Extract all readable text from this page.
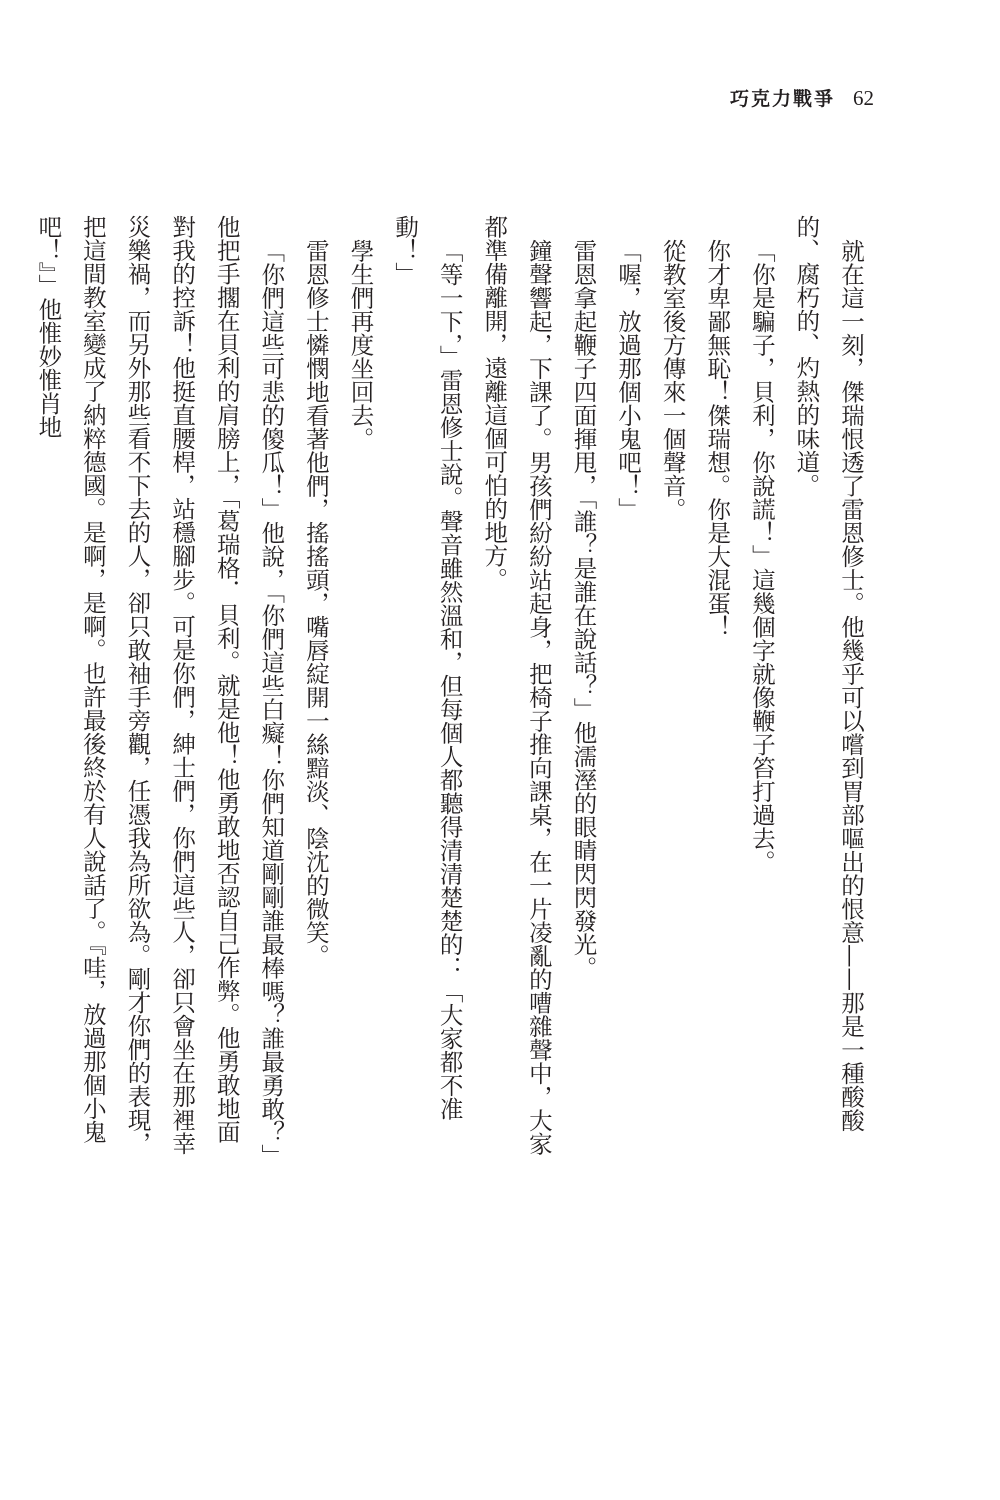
巧克力戰爭 62

就在這一刻，傑瑞恨透了雷恩修士。他幾乎可以嚐到胃部嘔出的恨意——那是一種酸酸的、腐朽的、灼熱的味道。

「你是騙子，貝利，你說謊！」這幾個字就像鞭子笞打過去。

你才卑鄙無恥！傑瑞想。你是大混蛋！

從教室後方傳來一個聲音。

「喔，放過那個小鬼吧！」

雷恩拿起鞭子四面揮甩，「誰？是誰在說話？」他濡溼的眼睛閃閃發光。

鐘聲響起，下課了。男孩們紛紛站起身，把椅子推向課桌，在一片凌亂的嘈雜聲中，大家都準備離開，遠離這個可怕的地方。

「等一下，」雷恩修士說。聲音雖然溫和，但每個人都聽得清清楚楚的：「大家都不准動！」

學生們再度坐回去。

雷恩修士憐憫地看著他們，搖搖頭，嘴唇綻開一絲黯淡、陰沈的微笑。

「你們這些可悲的傻瓜！」他說，「你們這些白癡！你們知道剛剛誰最棒嗎？誰最勇敢？」他把手擱在貝利的肩膀上，「葛瑞格．貝利。就是他！他勇敢地否認自己作弊。他勇敢地面對我的控訴！他挺直腰桿，站穩腳步。可是你們，紳士們，你們這些人，卻只會坐在那裡幸災樂禍，而另外那些看不下去的人，卻只敢袖手旁觀，任憑我為所欲為。剛才你們的表現，把這間教室變成了納粹德國。是啊，是啊。也許最後終於有人說話了。『哇，放過那個小鬼吧！』」他惟妙惟肖地
